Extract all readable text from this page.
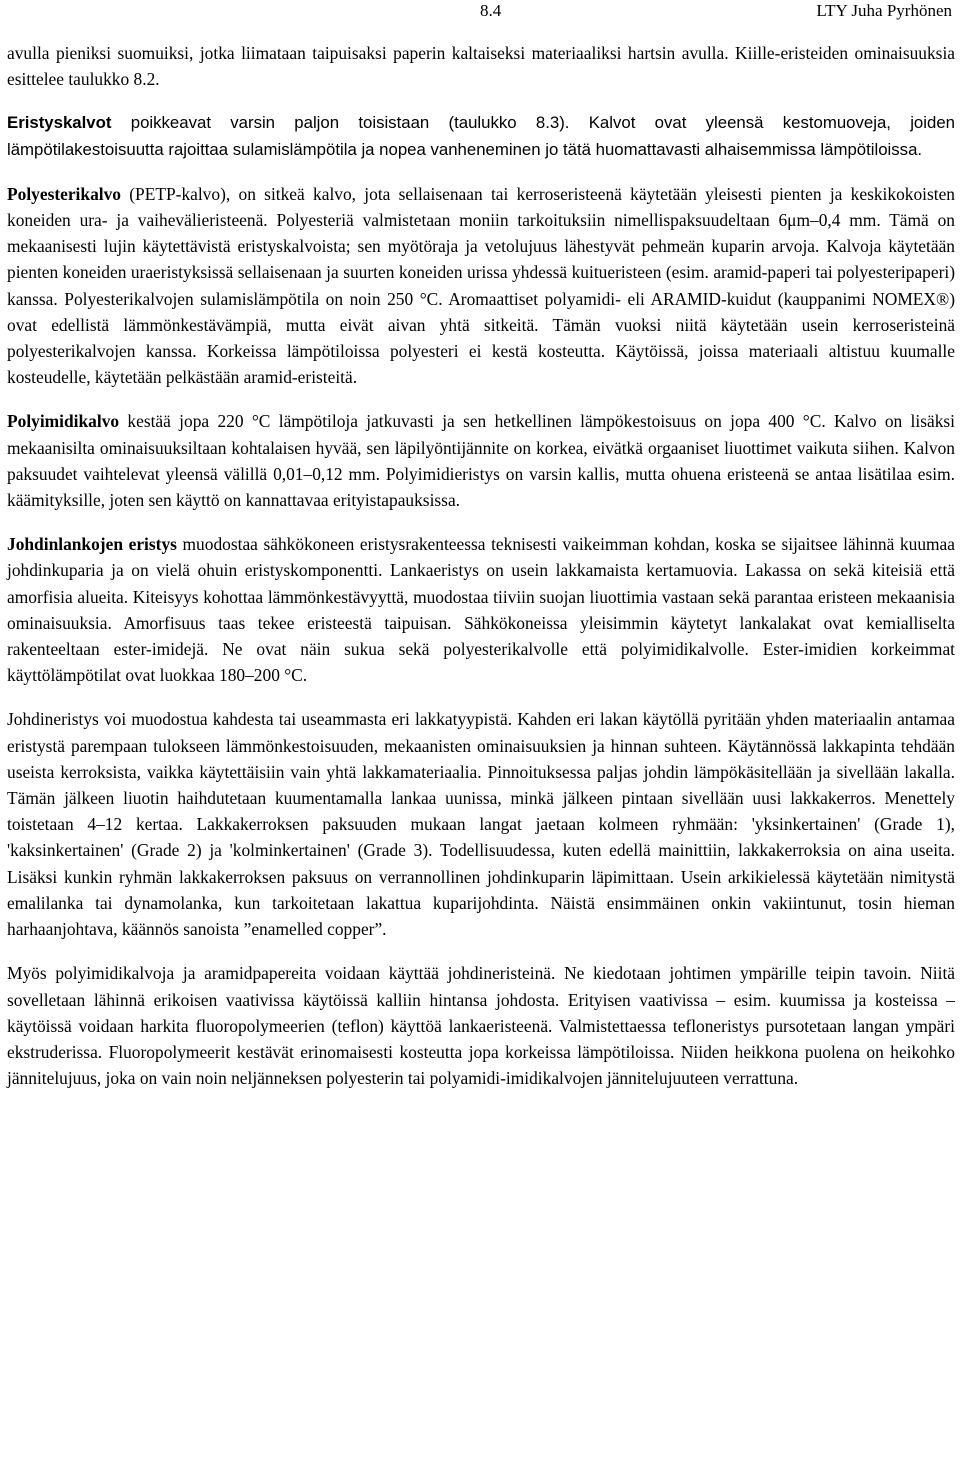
8.4	LTY Juha Pyrhönen

avulla pieniksi suomuiksi, jotka liimataan taipuisaksi paperin kaltaiseksi materiaaliksi hartsin avulla. Kiille-eristeiden ominaisuuksia esittelee taulukko 8.2.

Eristyskalvot poikkeavat varsin paljon toisistaan (taulukko 8.3). Kalvot ovat yleensä kestomuoveja, joiden lämpötilakestoisuutta rajoittaa sulamislämpötila ja nopea vanheneminen jo tätä huomattavasti alhaisemmissa lämpötiloissa.

Polyesterikalvo (PETP-kalvo), on sitkeä kalvo, jota sellaisenaan tai kerroseristeenä käytetään yleisesti pienten ja keskikokoisten koneiden ura- ja vaihevälieristeenä. Polyesteriä valmistetaan moniin tarkoituksiin nimellispaksuudeltaan 6μm–0,4 mm. Tämä on mekaanisesti lujin käytettävistä eristyskalvoista; sen myötöraja ja vetolujuus lähestyvät pehmeän kuparin arvoja. Kalvoja käytetään pienten koneiden uraeristyksissä sellaisenaan ja suurten koneiden urissa yhdessä kuitueristeen (esim. aramid-paperi tai polyesteripaperi) kanssa. Polyesterikalvojen sulamislämpötila on noin 250 °C. Aromaattiset polyamidi- eli ARAMID-kuidut (kauppanimi NOMEX®) ovat edellistä lämmönkestävämpiä, mutta eivät aivan yhtä sitkeitä. Tämän vuoksi niitä käytetään usein kerroseristeinä polyesterikalvojen kanssa. Korkeissa lämpötiloissa polyesteri ei kestä kosteutta. Käytöissä, joissa materiaali altistuu kuumalle kosteudelle, käytetään pelkästään aramid-eristeitä.

Polyimidikalvo kestää jopa 220 °C lämpötiloja jatkuvasti ja sen hetkellinen lämpökestoisuus on jopa 400 °C. Kalvo on lisäksi mekaanisilta ominaisuuksiltaan kohtalaisen hyvää, sen läpilyöntijännite on korkea, eivätkä orgaaniset liuottimet vaikuta siihen. Kalvon paksuudet vaihtelevat yleensä välillä 0,01–0,12 mm. Polyimidieristys on varsin kallis, mutta ohuena eristeenä se antaa lisätilaa esim. käämityksille, joten sen käyttö on kannattavaa erityistapauksissa.

Johdinlankojen eristys muodostaa sähkökoneen eristysrakenteessa teknisesti vaikeimman kohdan, koska se sijaitsee lähinnä kuumaa johdinkuparia ja on vielä ohuin eristyskomponentti. Lankaeristys on usein lakkamaista kertamuovia. Lakassa on sekä kiteisiä että amorfisia alueita. Kiteisyys kohottaa lämmönkestävyyttä, muodostaa tiiviin suojan liuottimia vastaan sekä parantaa eristeen mekaanisia ominaisuuksia. Amorfisuus taas tekee eristeestä taipuisan. Sähkökoneissa yleisimmin käytetyt lankalakat ovat kemialliselta rakenteeltaan ester-imidejä. Ne ovat näin sukua sekä polyesterikalvolle että polyimidikalvolle. Ester-imidien korkeimmat käyttölämpötilat ovat luokkaa 180–200 °C.

Johdineristys voi muodostua kahdesta tai useammasta eri lakkatyypistä. Kahden eri lakan käytöllä pyritään yhden materiaalin antamaa eristystä parempaan tulokseen lämmönkestoisuuden, mekaanisten ominaisuuksien ja hinnan suhteen. Käytännössä lakkapinta tehdään useista kerroksista, vaikka käytettäisiin vain yhtä lakkamateriaalia. Pinnoituksessa paljas johdin lämpökäsitellään ja sivellään lakalla. Tämän jälkeen liuotin haihdutetaan kuumentamalla lankaa uunissa, minkä jälkeen pintaan sivellään uusi lakkakerros. Menettely toistetaan 4–12 kertaa. Lakkakerroksen paksuuden mukaan langat jaetaan kolmeen ryhmään: 'yksinkertainen' (Grade 1), 'kaksinkertainen' (Grade 2) ja 'kolminkertainen' (Grade 3). Todellisuudessa, kuten edellä mainittiin, lakkakerroksia on aina useita. Lisäksi kunkin ryhmän lakkakerroksen paksuus on verrannollinen johdinkuparin läpimittaan. Usein arkikielessä käytetään nimitystä emalilanka tai dynamolanka, kun tarkoitetaan lakattua kuparijohdinta. Näistä ensimmäinen onkin vakiintunut, tosin hieman harhaanjohtava, käännös sanoista ”enamelled copper”.

Myös polyimidikalvoja ja aramidpapereita voidaan käyttää johdineristeinä. Ne kiedotaan johtimen ympärille teipin tavoin. Niitä sovelletaan lähinnä erikoisen vaativissa käytöissä kalliin hintansa johdosta. Erityisen vaativissa – esim. kuumissa ja kosteissa – käytöissä voidaan harkita fluoropolymeerien (teflon) käyttöä lankaeristeenä. Valmistettaessa tefloneristys pursotetaan langan ympäri ekstruderissa. Fluoropolymeerit kestävät erinomaisesti kosteutta jopa korkeissa lämpötiloissa. Niiden heikkona puolena on heikohko jännitelujuus, joka on vain noin neljänneksen polyesterin tai polyamidi-imidikalvojen jännitelujuuteen verrattuna.
